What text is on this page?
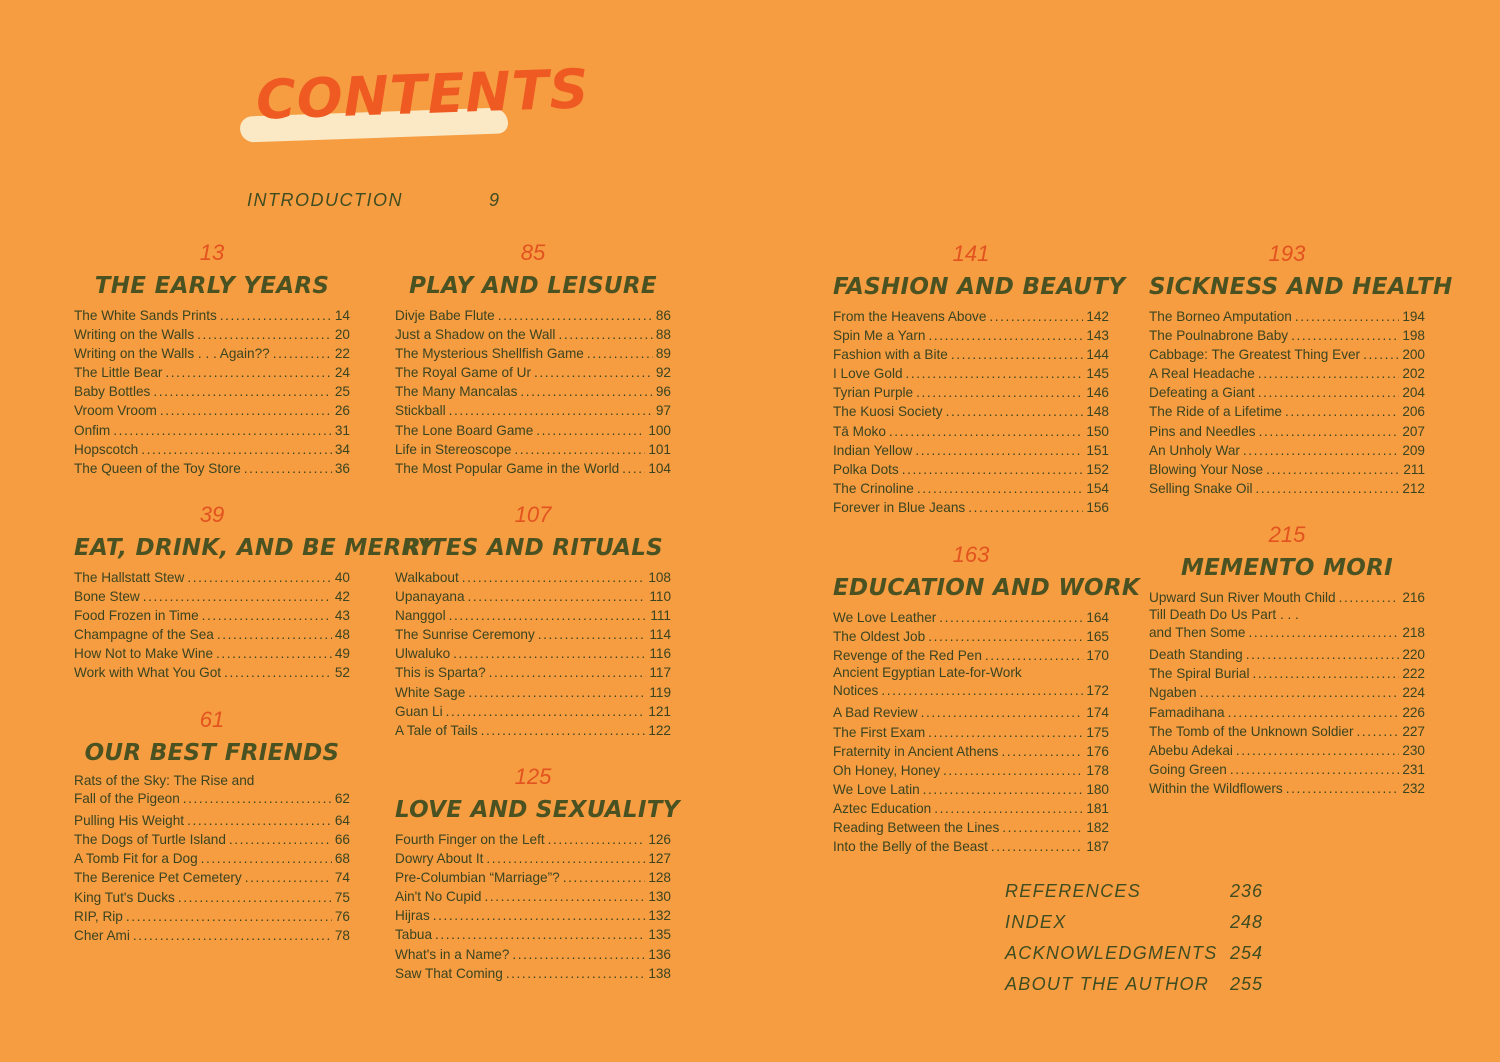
CONTENTS
INTRODUCTION	9
13
THE EARLY YEARS
The White Sands Prints .....	14
Writing on the Walls .....	20
Writing on the Walls . . . Again?? .....	22
The Little Bear .....	24
Baby Bottles .....	25
Vroom Vroom .....	26
Onfim .....	31
Hopscotch .....	34
The Queen of the Toy Store .....	36
39
EAT, DRINK, AND BE MERRY
The Hallstatt Stew .....	40
Bone Stew .....	42
Food Frozen in Time .....	43
Champagne of the Sea .....	48
How Not to Make Wine .....	49
Work with What You Got .....	52
61
OUR BEST FRIENDS
Rats of the Sky: The Rise and
Fall of the Pigeon .....	62
Pulling His Weight .....	64
The Dogs of Turtle Island .....	66
A Tomb Fit for a Dog .....	68
The Berenice Pet Cemetery .....	74
King Tut's Ducks .....	75
RIP, Rip .....	76
Cher Ami .....	78
85
PLAY AND LEISURE
Divje Babe Flute .....	86
Just a Shadow on the Wall .....	88
The Mysterious Shellfish Game .....	89
The Royal Game of Ur .....	92
The Many Mancalas .....	96
Stickball .....	97
The Lone Board Game .....	100
Life in Stereoscope .....	101
The Most Popular Game in the World ..... 104
107
RITES AND RITUALS
Walkabout .....	108
Upanayana .....	110
Nanggol .....	111
The Sunrise Ceremony .....	114
Ulwaluko .....	116
This is Sparta? .....	117
White Sage .....	119
Guan Li .....	121
A Tale of Tails .....	122
125
LOVE AND SEXUALITY
Fourth Finger on the Left .....	126
Dowry About It .....	127
Pre-Columbian “Marriage”? .....	128
Ain't No Cupid .....	130
Hijras .....	132
Tabua .....	135
What's in a Name? .....	136
Saw That Coming .....	138
141
FASHION AND BEAUTY
From the Heavens Above .....	142
Spin Me a Yarn .....	143
Fashion with a Bite .....	144
I Love Gold .....	145
Tyrian Purple .....	146
The Kuosi Society .....	148
Tā Moko .....	150
Indian Yellow .....	151
Polka Dots .....	152
The Crinoline .....	154
Forever in Blue Jeans .....	156
163
EDUCATION AND WORK
We Love Leather .....	164
The Oldest Job .....	165
Revenge of the Red Pen .....	170
Ancient Egyptian Late-for-Work
Notices .....	172
A Bad Review .....	174
The First Exam .....	175
Fraternity in Ancient Athens .....	176
Oh Honey, Honey .....	178
We Love Latin .....	180
Aztec Education .....	181
Reading Between the Lines .....	182
Into the Belly of the Beast .....	187
193
SICKNESS AND HEALTH
The Borneo Amputation .....	194
The Poulnabrone Baby .....	198
Cabbage: The Greatest Thing Ever .....	200
A Real Headache .....	202
Defeating a Giant .....	204
The Ride of a Lifetime .....	206
Pins and Needles .....	207
An Unholy War .....	209
Blowing Your Nose .....	211
Selling Snake Oil .....	212
215
MEMENTO MORI
Upward Sun River Mouth Child .....	216
Till Death Do Us Part . . .
and Then Some .....	218
Death Standing .....	220
The Spiral Burial .....	222
Ngaben .....	224
Famadihana .....	226
The Tomb of the Unknown Soldier .....	227
Abebu Adekai .....	230
Going Green .....	231
Within the Wildflowers .....	232
REFERENCES	236
INDEX	248
ACKNOWLEDGMENTS 254
ABOUT THE AUTHOR 255
